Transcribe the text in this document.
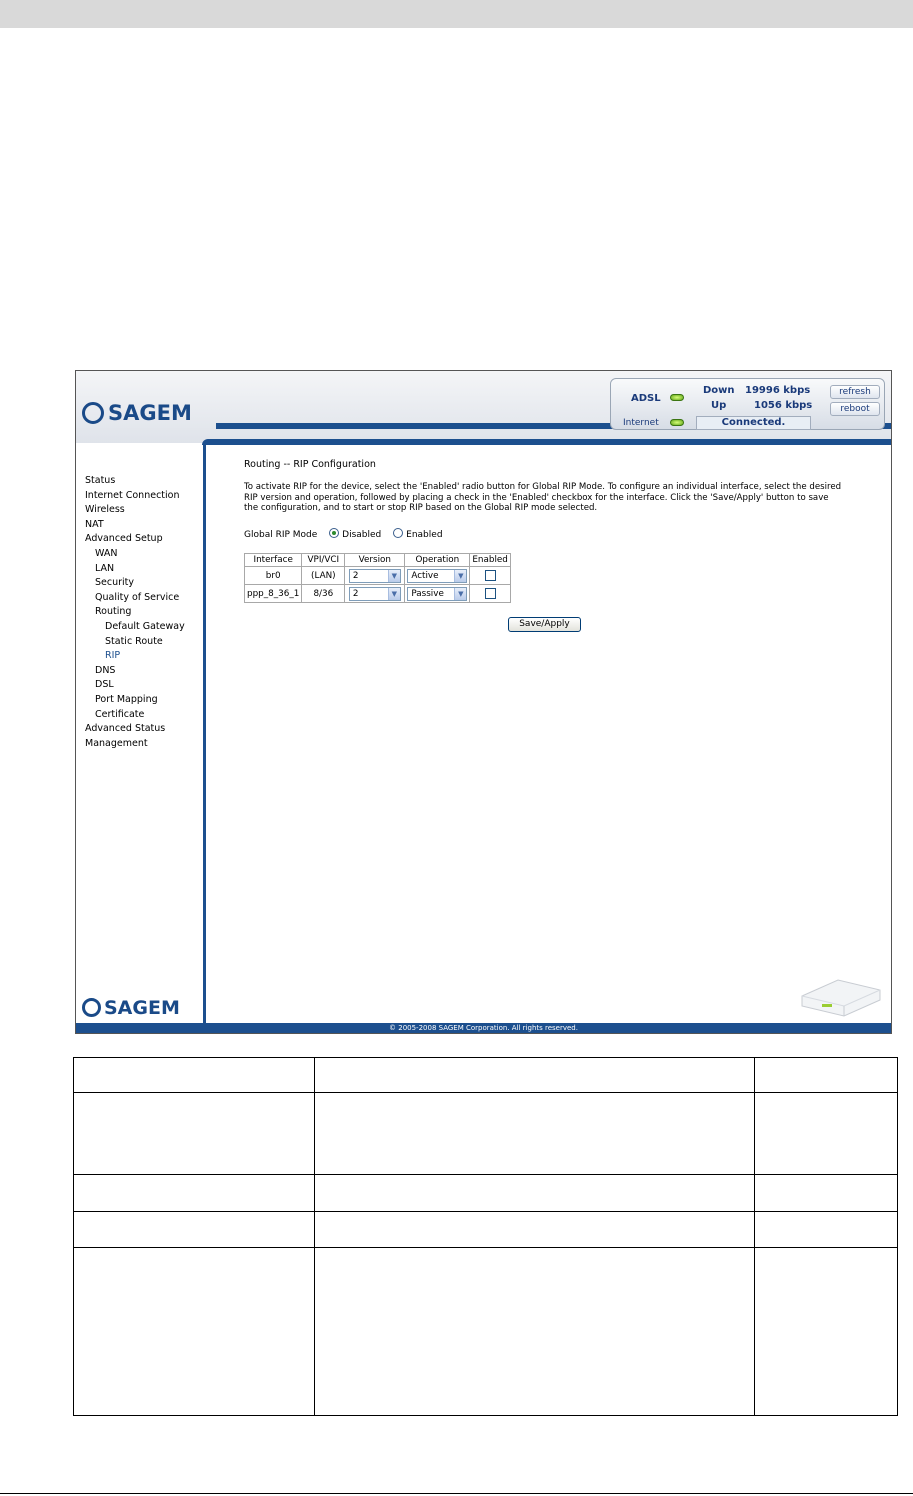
SAGEM
ADSL
Down 19996 kbps
Up	1056 kbps
refresh
reboot
Internet	Connected.
Status
Internet Connection
Wireless
NAT
Advanced Setup
WAN
LAN
Security
Quality of Service
Routing
Default Gateway
Static Route
RIP
DNS
DSL
Port Mapping
Certificate
Advanced Status
Management
SAGEM
Routing -- RIP Configuration
To activate RIP for the device, select the 'Enabled' radio button for Global RIP Mode. To configure an individual interface, select the desired RIP version and operation, followed by placing a check in the 'Enabled' checkbox for the interface. Click the 'Save/Apply' button to save the configuration, and to start or stop RIP based on the Global RIP mode selected.
Global RIP Mode	Disabled	Enabled
Interface	VPI/VCI	Version	Operation	Enabled
br0	(LAN)	2 ▼	Active ▼	

ppp_8_36_1	8/36	2 ▼	Passive ▼	

Save/Apply
© 2005-2008 SAGEM Corporation. All rights reserved.
